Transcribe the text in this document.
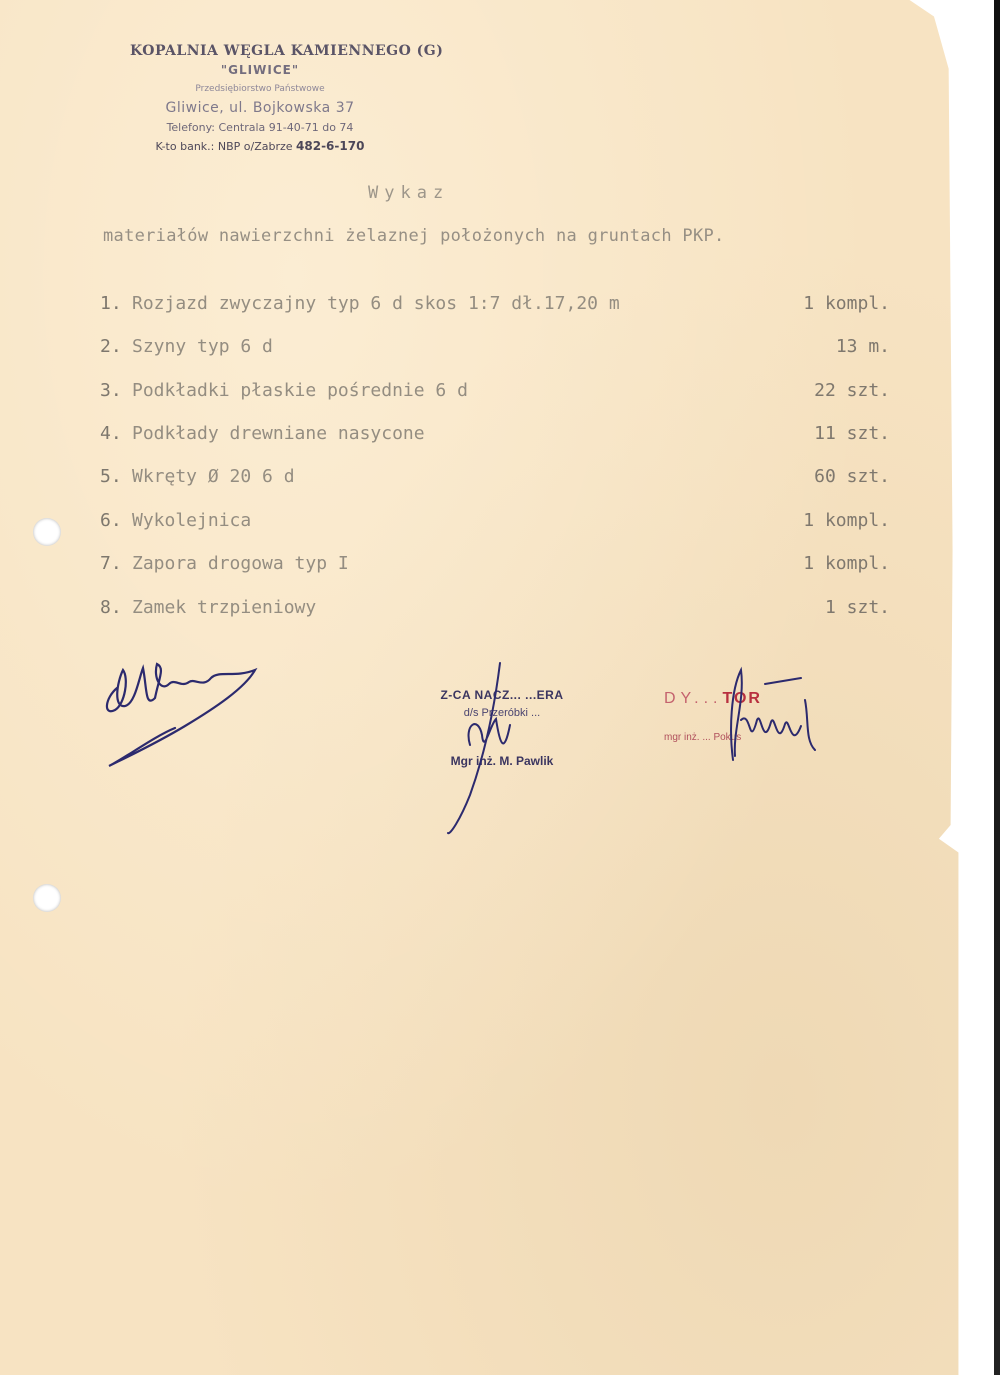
KOPALNIA WĘGLA KAMIENNEGO (G)
"GLIWICE"
Przedsiębiorstwo Państwowe
Gliwice, ul. Bojkowska 37
Telefony: Centrala 91-40-71 do 74
K-to bank.: NBP o/Zabrze 482-6-170
Wykaz
materiałów nawierzchni żelaznej położonych na gruntach PKP.
1. Rozjazd zwyczajny typ 6 d skos 1:7 dł.17,20 m	1 kompl.
2. Szyny typ 6 d	13 m.
3. Podkładki płaskie pośrednie 6 d	22 szt.
4. Podkłady drewniane nasycone	11 szt.
5. Wkręty Ø 20 6 d	60 szt.
6. Wykolejnica	1 kompl.
7. Zapora drogowa typ I	1 kompl.
8. Zamek trzpieniowy	1 szt.
Z-CA NACZ... ...ERA
d/s Przeróbki ...
Mgr inż. M. Pawlik
DY...TOR
mgr inż. ... Pokus
